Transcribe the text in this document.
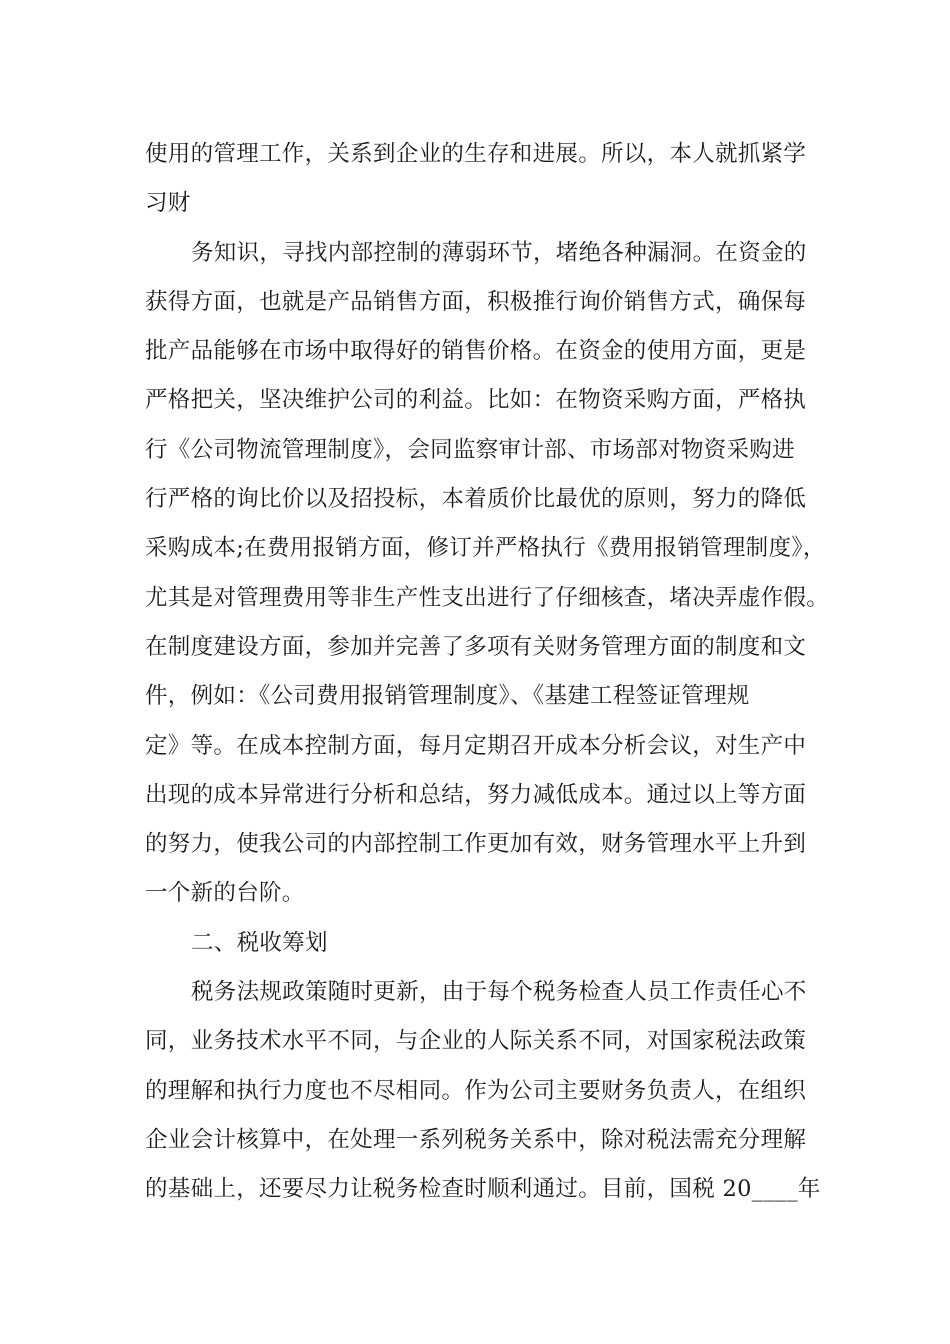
使用的管理工作，关系到企业的生存和进展。所以，本人就抓紧学
习财
务知识，寻找内部控制的薄弱环节，堵绝各种漏洞。在资金的
获得方面，也就是产品销售方面，积极推行询价销售方式，确保每
批产品能够在市场中取得好的销售价格。在资金的使用方面，更是
严格把关，坚决维护公司的利益。比如：在物资采购方面，严格执
行《公司物流管理制度》，会同监察审计部、市场部对物资采购进
行严格的询比价以及招投标，本着质价比最优的原则，努力的降低
采购成本;在费用报销方面，修订并严格执行《费用报销管理制度》，
尤其是对管理费用等非生产性支出进行了仔细核查，堵决弄虚作假。
在制度建设方面，参加并完善了多项有关财务管理方面的制度和文
件，例如：《公司费用报销管理制度》、《基建工程签证管理规
定》等。在成本控制方面，每月定期召开成本分析会议，对生产中
出现的成本异常进行分析和总结，努力减低成本。通过以上等方面
的努力，使我公司的内部控制工作更加有效，财务管理水平上升到
一个新的台阶。
二、税收筹划
税务法规政策随时更新，由于每个税务检查人员工作责任心不
同，业务技术水平不同，与企业的人际关系不同，对国家税法政策
的理解和执行力度也不尽相同。作为公司主要财务负责人，在组织
企业会计核算中，在处理一系列税务关系中，除对税法需充分理解
的基础上，还要尽力让税务检查时顺利通过。目前，国税 20____年
